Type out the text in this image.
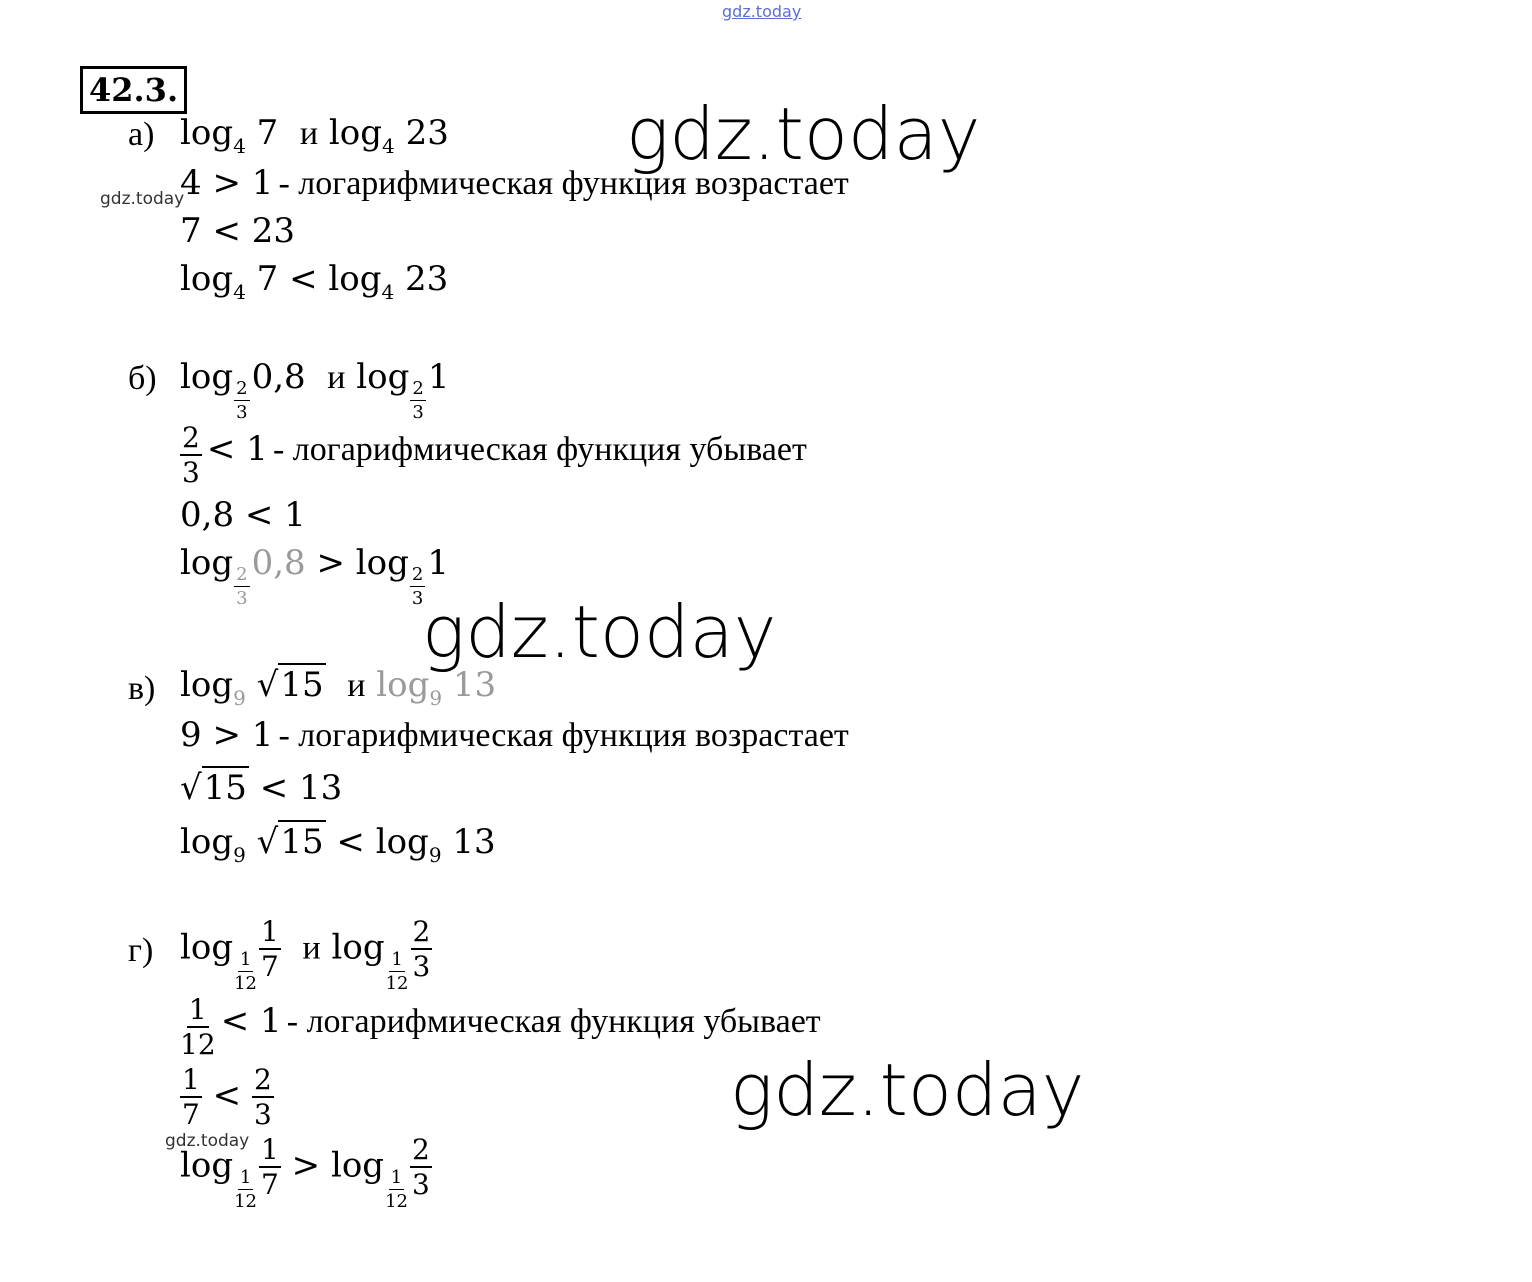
gdz.today
gdz.today
gdz.today
gdz.today
gdz.today
gdz.today
42.3.
а) $\log_4 7$  и $\log_4 23$
4 > 1 - логарифмическая функция возрастает
7 < 23
$\log_4 7 < \log_4 23$
б) log
$\frac{2}{3}$
0,8  и log
$\frac{2}{3}$
1
$\frac{2}{3} < 1$ - логарифмическая функция убывает
0,8 < 1
log
$\frac{2}{3}$
0,8 > log
$\frac{2}{3}$
1
в) $\log_9 √15$ и $\log_9 13$
9 > 1 - логарифмическая функция возрастает
√15 < 13
$\log_9 √15 < \log_9 13$
г) log
$\frac{1}{12} \frac{1}{7}$ и log
$\frac{1}{12} \frac{2}{3}$
$\frac{1}{12} < 1$ - логарифмическая функция убывает
$\frac{1}{7} < \frac{2}{3}$
log
$\frac{1}{12} \frac{1}{7} > \log$
$\frac{1}{12} \frac{2}{3}$
